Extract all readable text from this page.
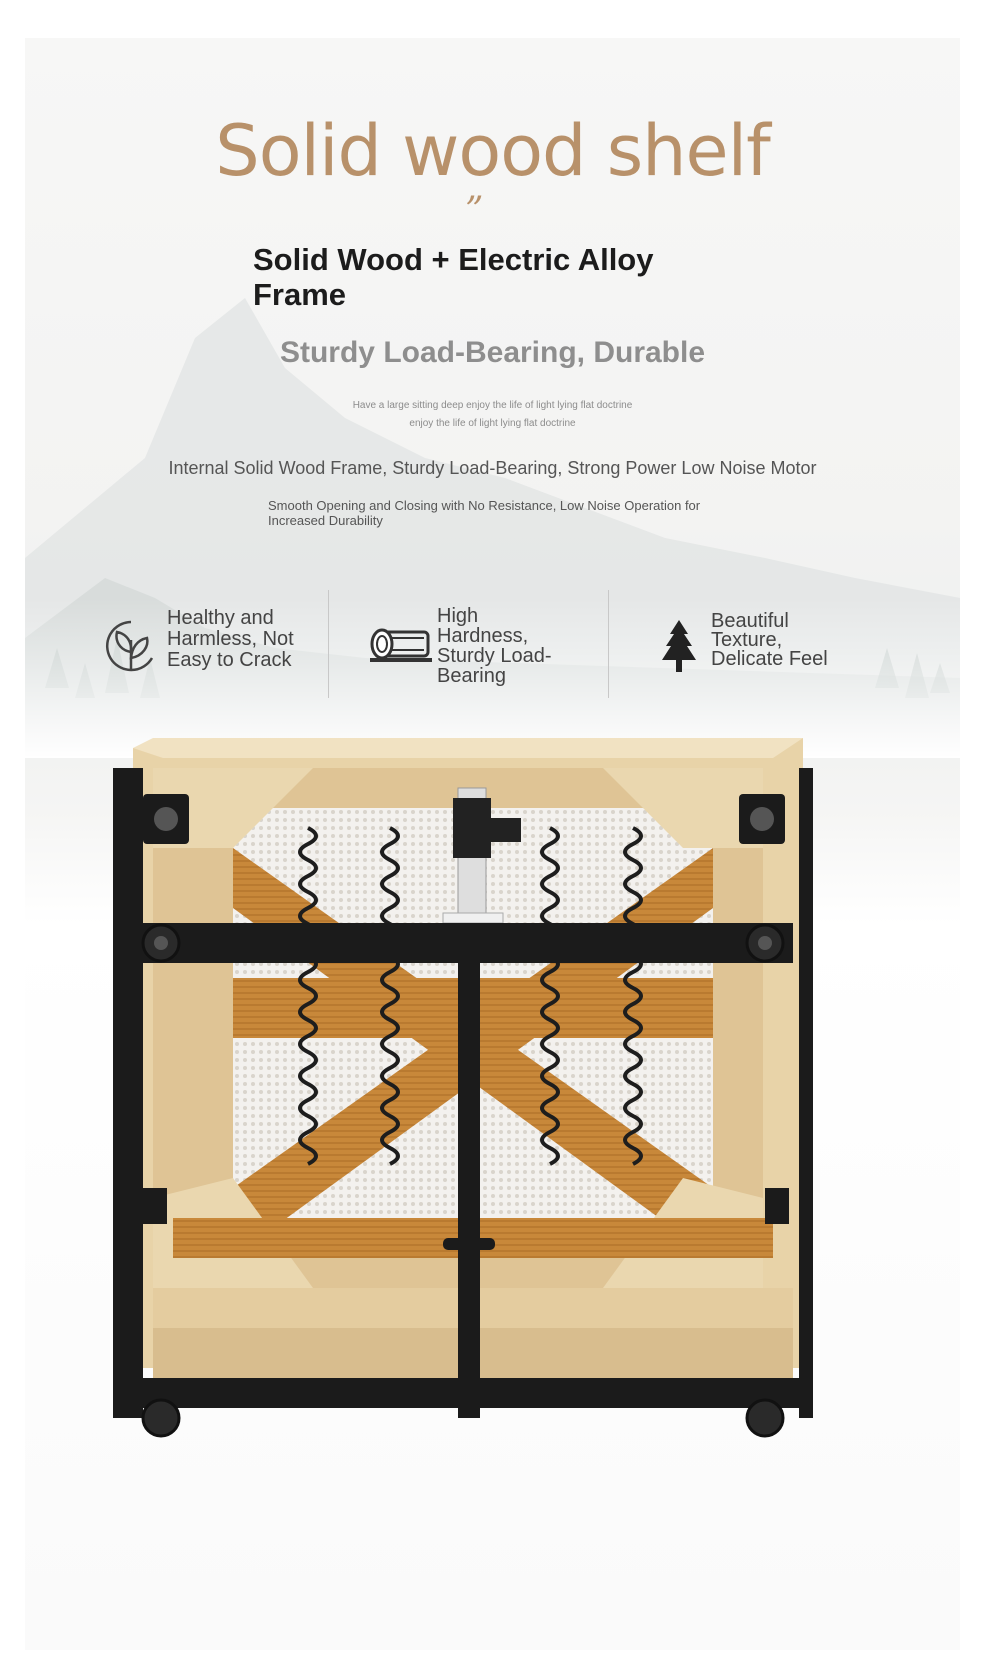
Solid wood shelf
”
Solid Wood + Electric Alloy Frame
Sturdy Load-Bearing, Durable

Have a large sitting deep enjoy the life of light lying flat doctrine

enjoy the life of light lying flat doctrine

Internal Solid Wood Frame, Sturdy Load-Bearing, Strong Power Low Noise Motor

Smooth Opening and Closing with No Resistance, Low Noise Operation for Increased Durability

Healthy and Harmless, Not Easy to Crack

High Hardness, Sturdy Load-Bearing

Beautiful Texture, Delicate Feel
